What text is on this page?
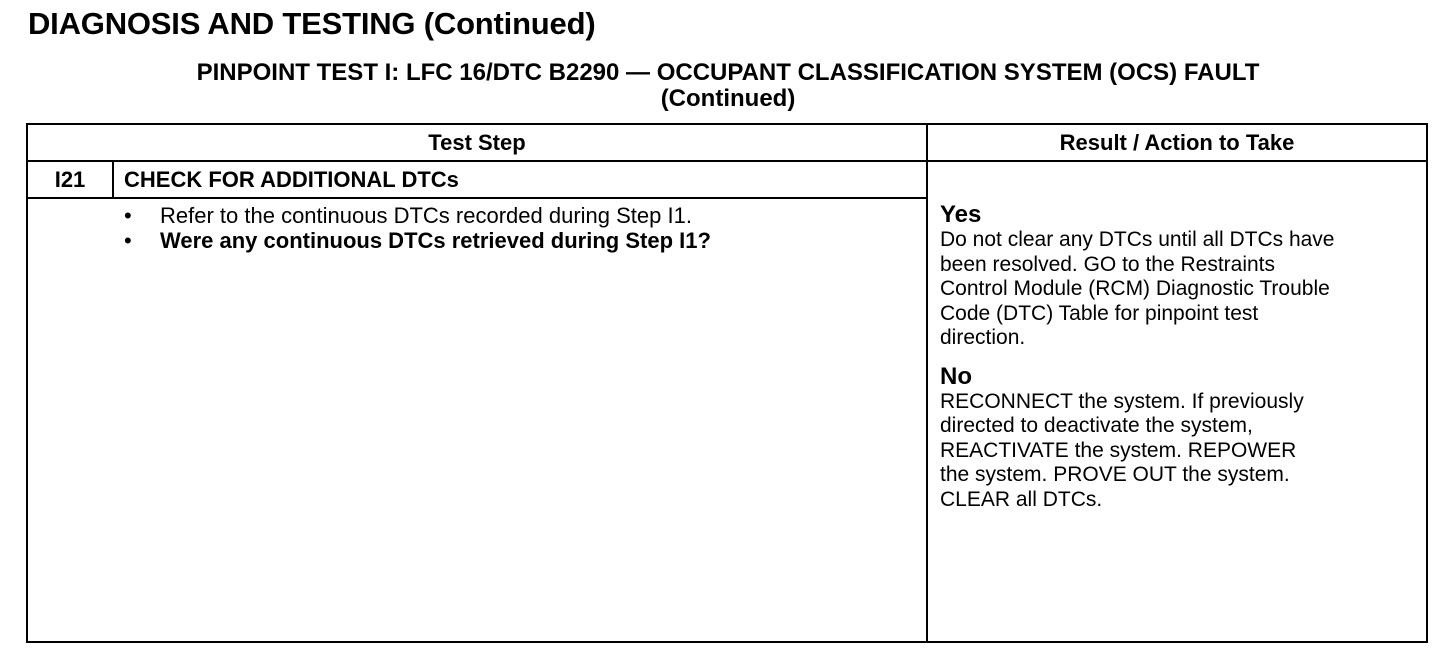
DIAGNOSIS AND TESTING (Continued)
PINPOINT TEST I: LFC 16/DTC B2290 — OCCUPANT CLASSIFICATION SYSTEM (OCS) FAULT
(Continued)
Test Step	Result / Action to Take
I21	CHECK FOR ADDITIONAL DTCs
• Refer to the continuous DTCs recorded during Step I1.
• Were any continuous DTCs retrieved during Step I1?
Yes
Do not clear any DTCs until all DTCs have
been resolved. GO to the Restraints
Control Module (RCM) Diagnostic Trouble
Code (DTC) Table for pinpoint test
direction.
No
RECONNECT the system. If previously
directed to deactivate the system,
REACTIVATE the system. REPOWER
the system. PROVE OUT the system.
CLEAR all DTCs.
